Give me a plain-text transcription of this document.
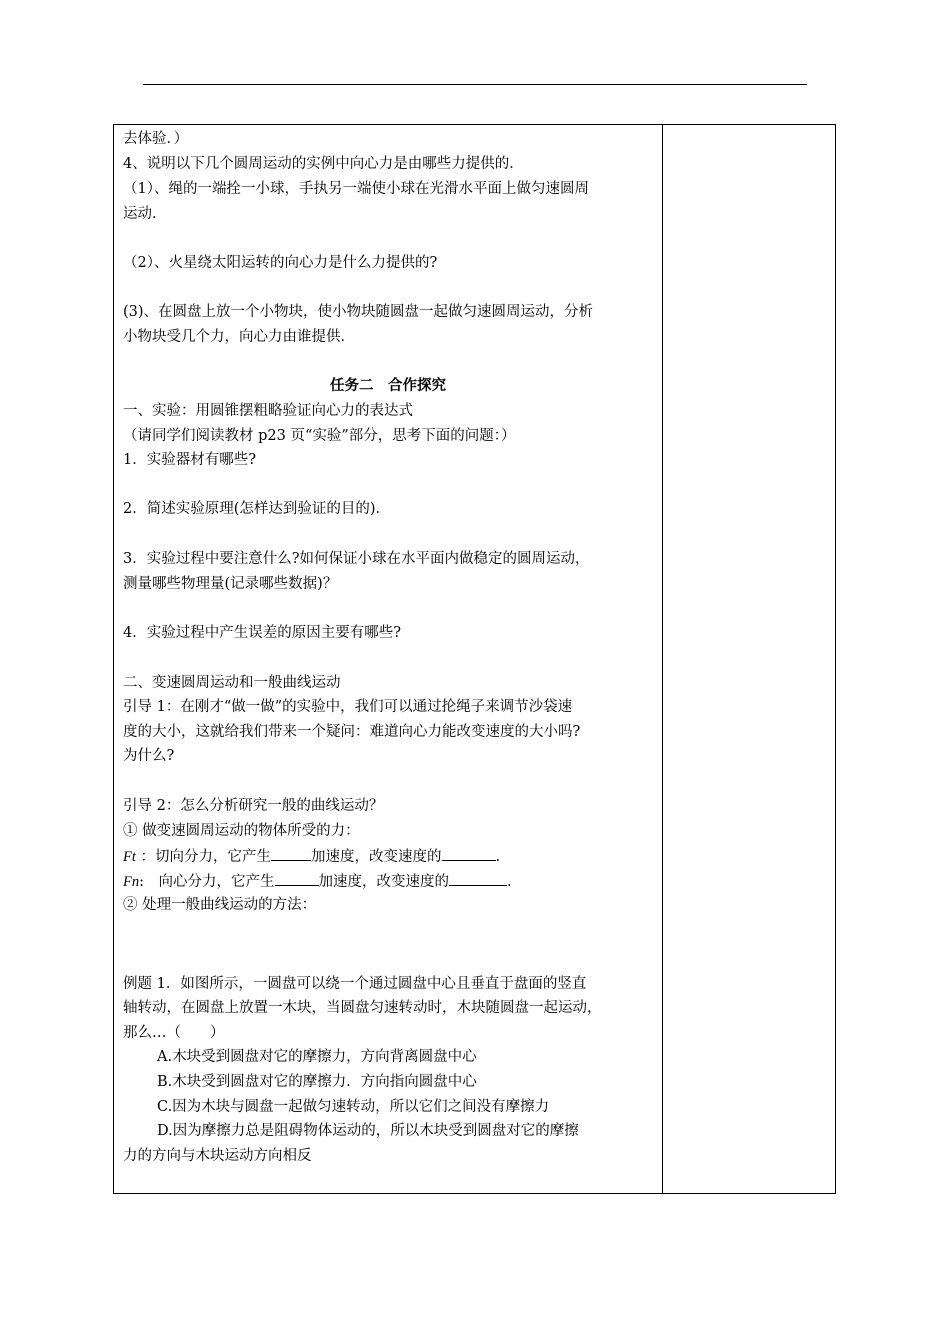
去体验．）
4、说明以下几个圆周运动的实例中向心力是由哪些力提供的．
（1）、绳的一端拴一小球，手执另一端使小球在光滑水平面上做匀速圆周
运动．
（2）、火星绕太阳运转的向心力是什么力提供的?
(3)、在圆盘上放一个小物块，使小物块随圆盘一起做匀速圆周运动，分析
小物块受几个力，向心力由谁提供．
任务二　合作探究
一、实验：用圆锥摆粗略验证向心力的表达式
（请同学们阅读教材 p23 页“实验”部分，思考下面的问题：）
1．实验器材有哪些?
2．简述实验原理(怎样达到验证的目的)．
3．实验过程中要注意什么?如何保证小球在水平面内做稳定的圆周运动，
测量哪些物理量(记录哪些数据)？
4．实验过程中产生误差的原因主要有哪些?
二、变速圆周运动和一般曲线运动
引导 1：在刚才“做一做”的实验中，我们可以通过抡绳子来调节沙袋速
度的大小，这就给我们带来一个疑问：难道向心力能改变速度的大小吗?
为什么?
引导 2：怎么分析研究一般的曲线运动？
① 做变速圆周运动的物体所受的力：
Ft ：切向分力，它产生	加速度，改变速度的	.
Fn:　向心分力，它产生	加速度，改变速度的	.
② 处理一般曲线运动的方法：
例题 1．如图所示，一圆盘可以绕一个通过圆盘中心且垂直于盘面的竖直
轴转动，在圆盘上放置一木块，当圆盘匀速转动时，木块随圆盘一起运动，
那么…（　　）
A.木块受到圆盘对它的摩擦力，方向背离圆盘中心
B.木块受到圆盘对它的摩擦力．方向指向圆盘中心
C.因为木块与圆盘一起做匀速转动，所以它们之间没有摩擦力
D.因为摩擦力总是阻碍物体运动的，所以木块受到圆盘对它的摩擦
力的方向与木块运动方向相反
